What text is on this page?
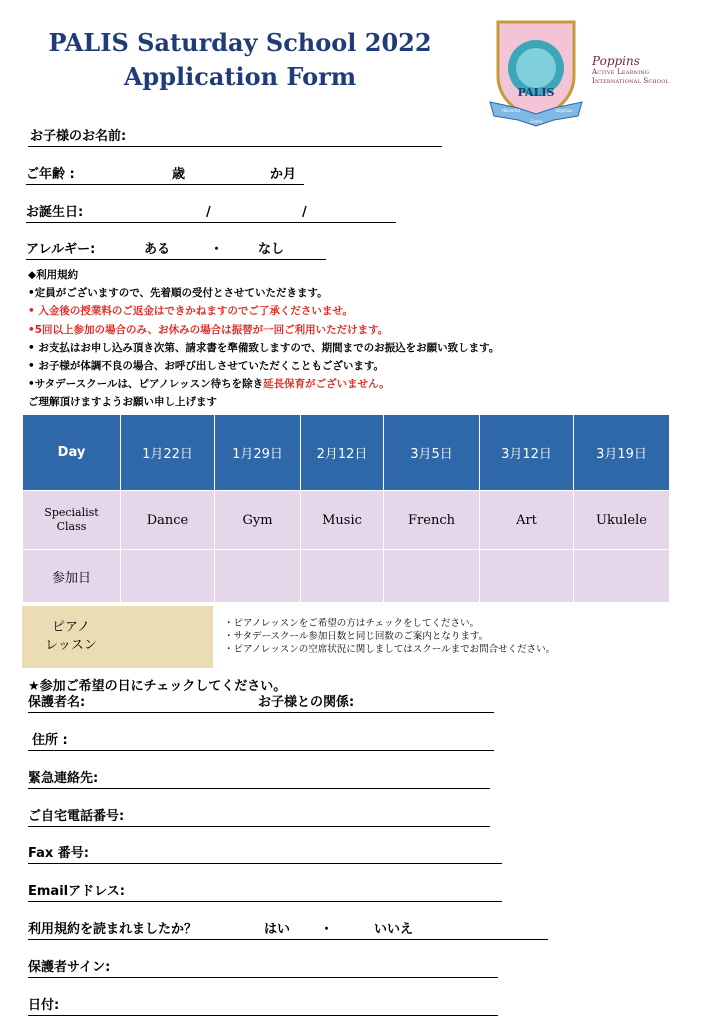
PALIS Saturday School 2022
Application Form
PALIS
Hlaverlat	Dignitas
Gratia
Poppins
Active Learning
International School
お子様のお名前:
ご年齢 :	歳	か月
お誕生日:	/	/
アレルギー:	ある	・	なし
◆利用規約
•定員がございますので、先着順の受付とさせていただきます。
• 入金後の授業料のご返金はできかねますのでご了承くださいませ。
•5回以上参加の場合のみ、お休みの場合は振替が一回ご利用いただけます。
• お支払はお申し込み頂き次第、請求書を準備致しますので、期間までのお振込をお願い致します。
• お子様が体調不良の場合、お呼び出しさせていただくこともございます。
•サタデースクールは、ピアノレッスン待ちを除き延長保育がございません。
ご理解頂けますようお願い申し上げます
Day	1月22日	1月29日	2月12日	3月5日	3月12日	3月19日

Specialist
Class	Dance	Gym	Music	French	Art	Ukulele
参加日						
ピアノ
レッスン
・ピアノレッスンをご希望の方はチェックをしてください。
・サタデースクール参加日数と同じ回数のご案内となります。
・ピアノレッスンの空席状況に関しましてはスクールまでお問合せください。
★参加ご希望の日にチェックしてください。
保護者名:	お子様との関係:
住所 :
緊急連絡先:
ご自宅電話番号:
Fax 番号:
Emailアドレス:
利用規約を読まれましたか？	はい ・	いいえ
保護者サイン:
日付:
